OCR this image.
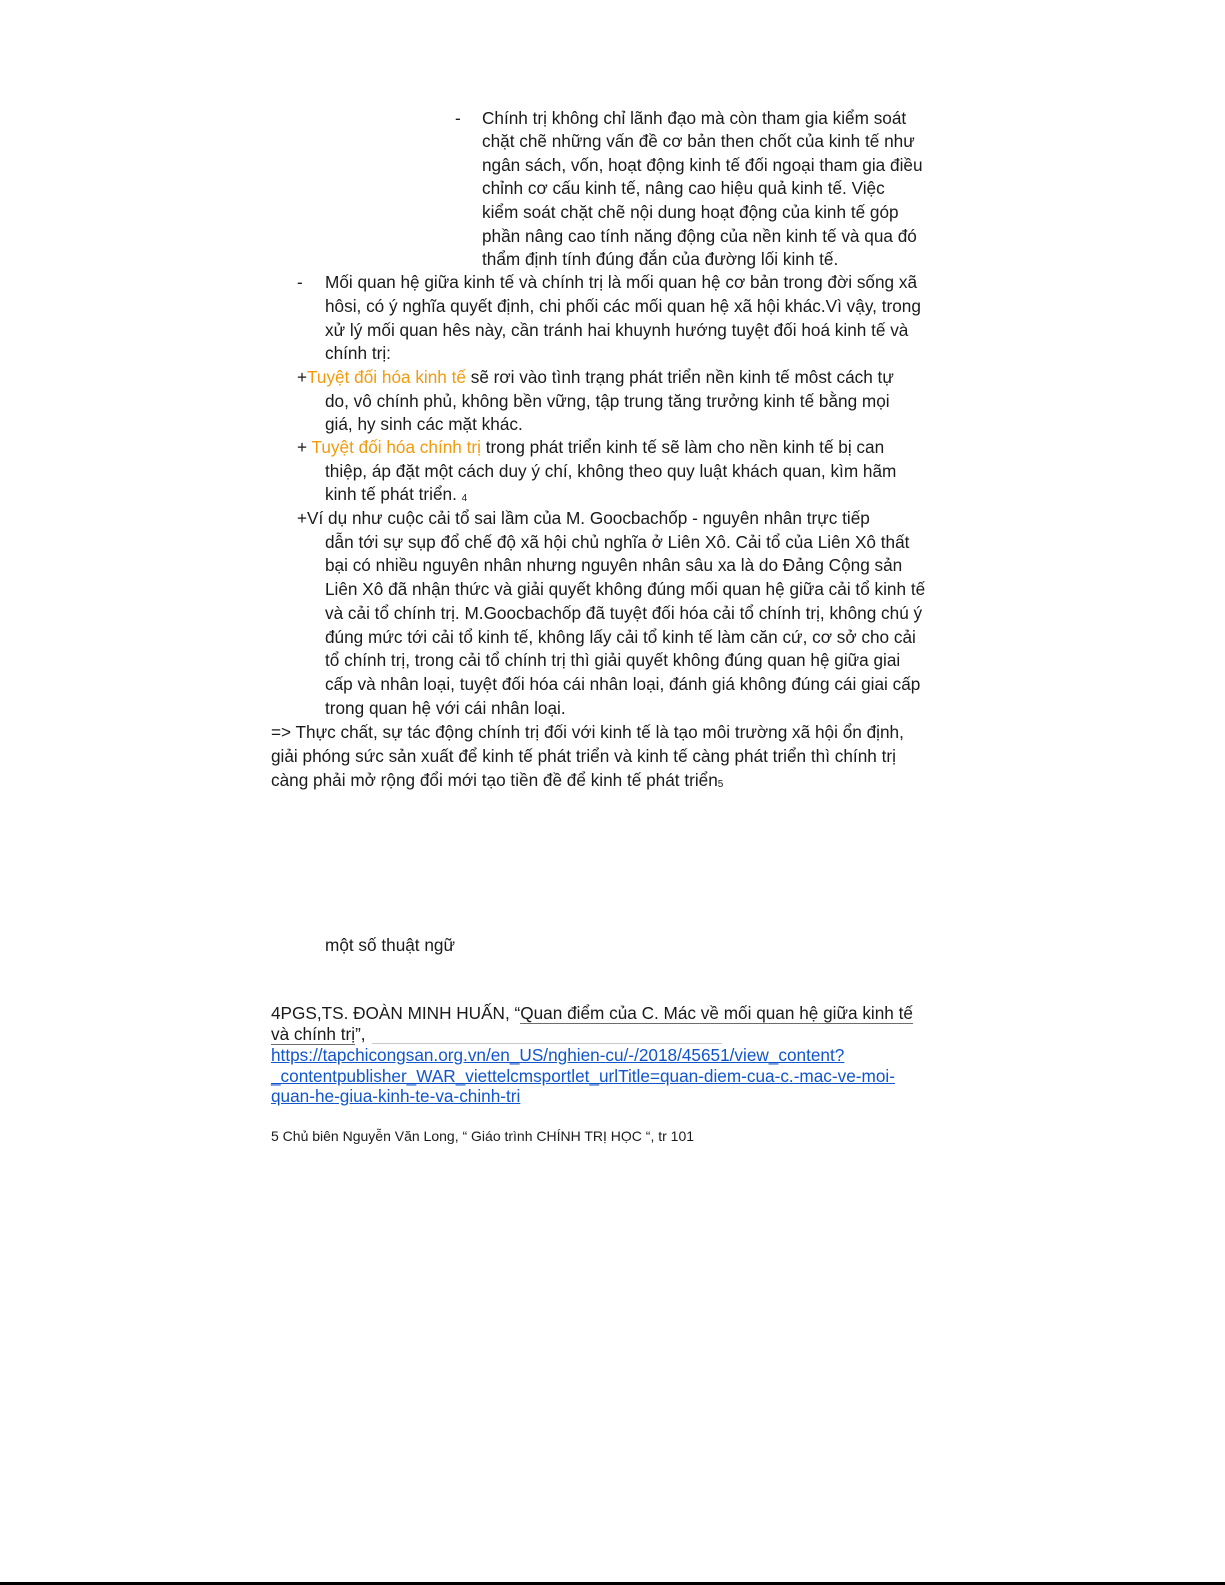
- Chính trị không chỉ lãnh đạo mà còn tham gia kiểm soát
chặt chẽ những vấn đề cơ bản then chốt của kinh tế như
ngân sách, vốn, hoạt động kinh tế đối ngoại tham gia điều
chỉnh cơ cấu kinh tế, nâng cao hiệu quả kinh tế. Việc
kiểm soát chặt chẽ nội dung hoạt động của kinh tế góp
phần nâng cao tính năng động của nền kinh tế và qua đó
thẩm định tính đúng đắn của đường lối kinh tế.
- Mối quan hệ giữa kinh tế và chính trị là mối quan hệ cơ bản trong đời sống xã
hôsi, có ý nghĩa quyết định, chi phối các mối quan hệ xã hội khác.Vì vậy, trong
xử lý mối quan hês này, cần tránh hai khuynh hướng tuyệt đối hoá kinh tế và
chính trị:
+Tuyệt đối hóa kinh tế sẽ rơi vào tình trạng phát triển nền kinh tế môst cách tự
do, vô chính phủ, không bền vững, tập trung tăng trưởng kinh tế bằng mọi
giá, hy sinh các mặt khác.
+ Tuyệt đối hóa chính trị trong phát triển kinh tế sẽ làm cho nền kinh tế bị can
thiệp, áp đặt một cách duy ý chí, không theo quy luật khách quan, kìm hãm
kinh tế phát triển. 4
+Ví dụ như cuộc cải tổ sai lầm của M. Goocbachốp - nguyên nhân trực tiếp
dẫn tới sự sụp đổ chế độ xã hội chủ nghĩa ở Liên Xô. Cải tổ của Liên Xô thất
bại có nhiều nguyên nhân nhưng nguyên nhân sâu xa là do Đảng Cộng sản
Liên Xô đã nhận thức và giải quyết không đúng mối quan hệ giữa cải tổ kinh tế
và cải tổ chính trị. M.Goocbachốp đã tuyệt đối hóa cải tổ chính trị, không chú ý
đúng mức tới cải tổ kinh tế, không lấy cải tổ kinh tế làm căn cứ, cơ sở cho cải
tổ chính trị, trong cải tổ chính trị thì giải quyết không đúng quan hệ giữa giai
cấp và nhân loại, tuyệt đối hóa cái nhân loại, đánh giá không đúng cái giai cấp
trong quan hệ với cái nhân loại.
=> Thực chất, sự tác động chính trị đối với kinh tế là tạo môi trường xã hội ổn định,
giải phóng sức sản xuất để kinh tế phát triển và kinh tế càng phát triển thì chính trị
càng phải mở rộng đổi mới tạo tiền đề để kinh tế phát triển5
một số thuật ngữ
4PGS,TS. ĐOÀN MINH HUẤN, “Quan điểm của C. Mác về mối quan hệ giữa kinh tế
và chính trị”,
https://tapchicongsan.org.vn/en_US/nghien-cu/-/2018/45651/view_content?
_contentpublisher_WAR_viettelcmsportlet_urlTitle=quan-diem-cua-c.-mac-ve-moi-
quan-he-giua-kinh-te-va-chinh-tri
5 Chủ biên Nguyễn Văn Long, “ Giáo trình CHÍNH TRỊ HỌC “, tr 101
